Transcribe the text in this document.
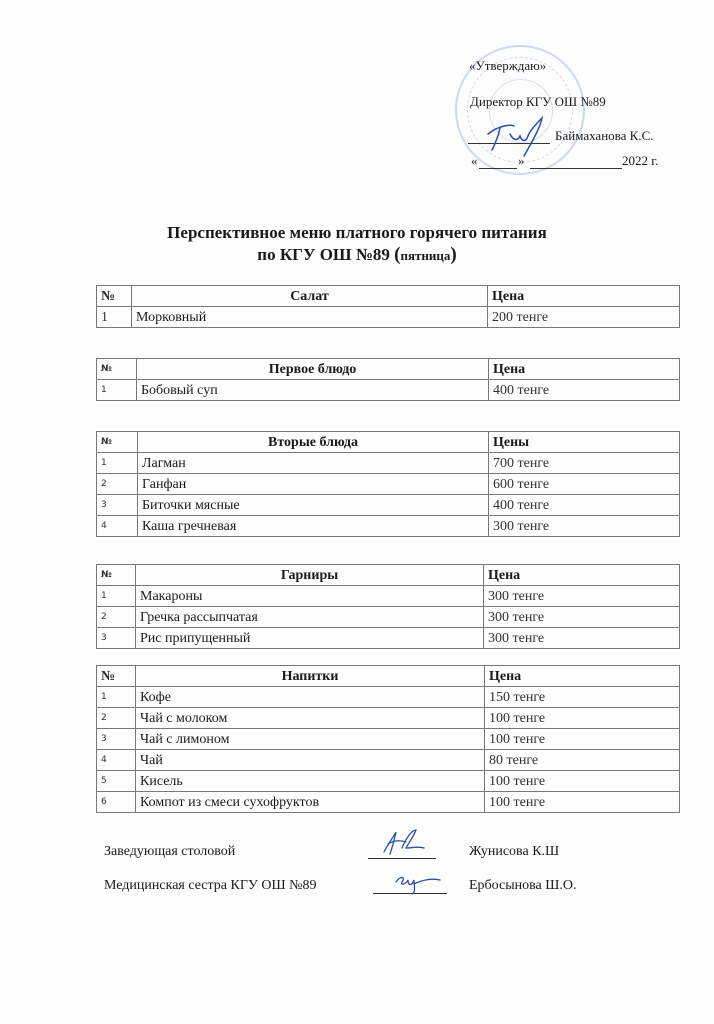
«Утверждаю»
Директор КГУ ОШ №89
Баймаханова К.С.
«	»	2022 г.
Перспективное меню платного горячего питания
по КГУ ОШ №89 (пятница)
№	Салат	Цена
1	Морковный	200 тенге
№	Первое блюдо	Цена
1	Бобовый суп	400 тенге
№	Вторые блюда	Цены
1	Лагман	700 тенге
2	Ганфан	600 тенге
3	Биточки мясные	400 тенге
4	Каша гречневая	300 тенге
№	Гарниры	Цена
1	Макароны	300 тенге
2	Гречка рассыпчатая	300 тенге
3	Рис припущенный	300 тенге
№	Напитки	Цена
1	Кофе	150 тенге
2	Чай с молоком	100 тенге
3	Чай с лимоном	100 тенге
4	Чай	80 тенге
5	Кисель	100 тенге
6	Компот из смеси сухофруктов	100 тенге
Заведующая столовой	Жунисова К.Ш
Медицинская сестра КГУ ОШ №89	Ербосынова Ш.О.
